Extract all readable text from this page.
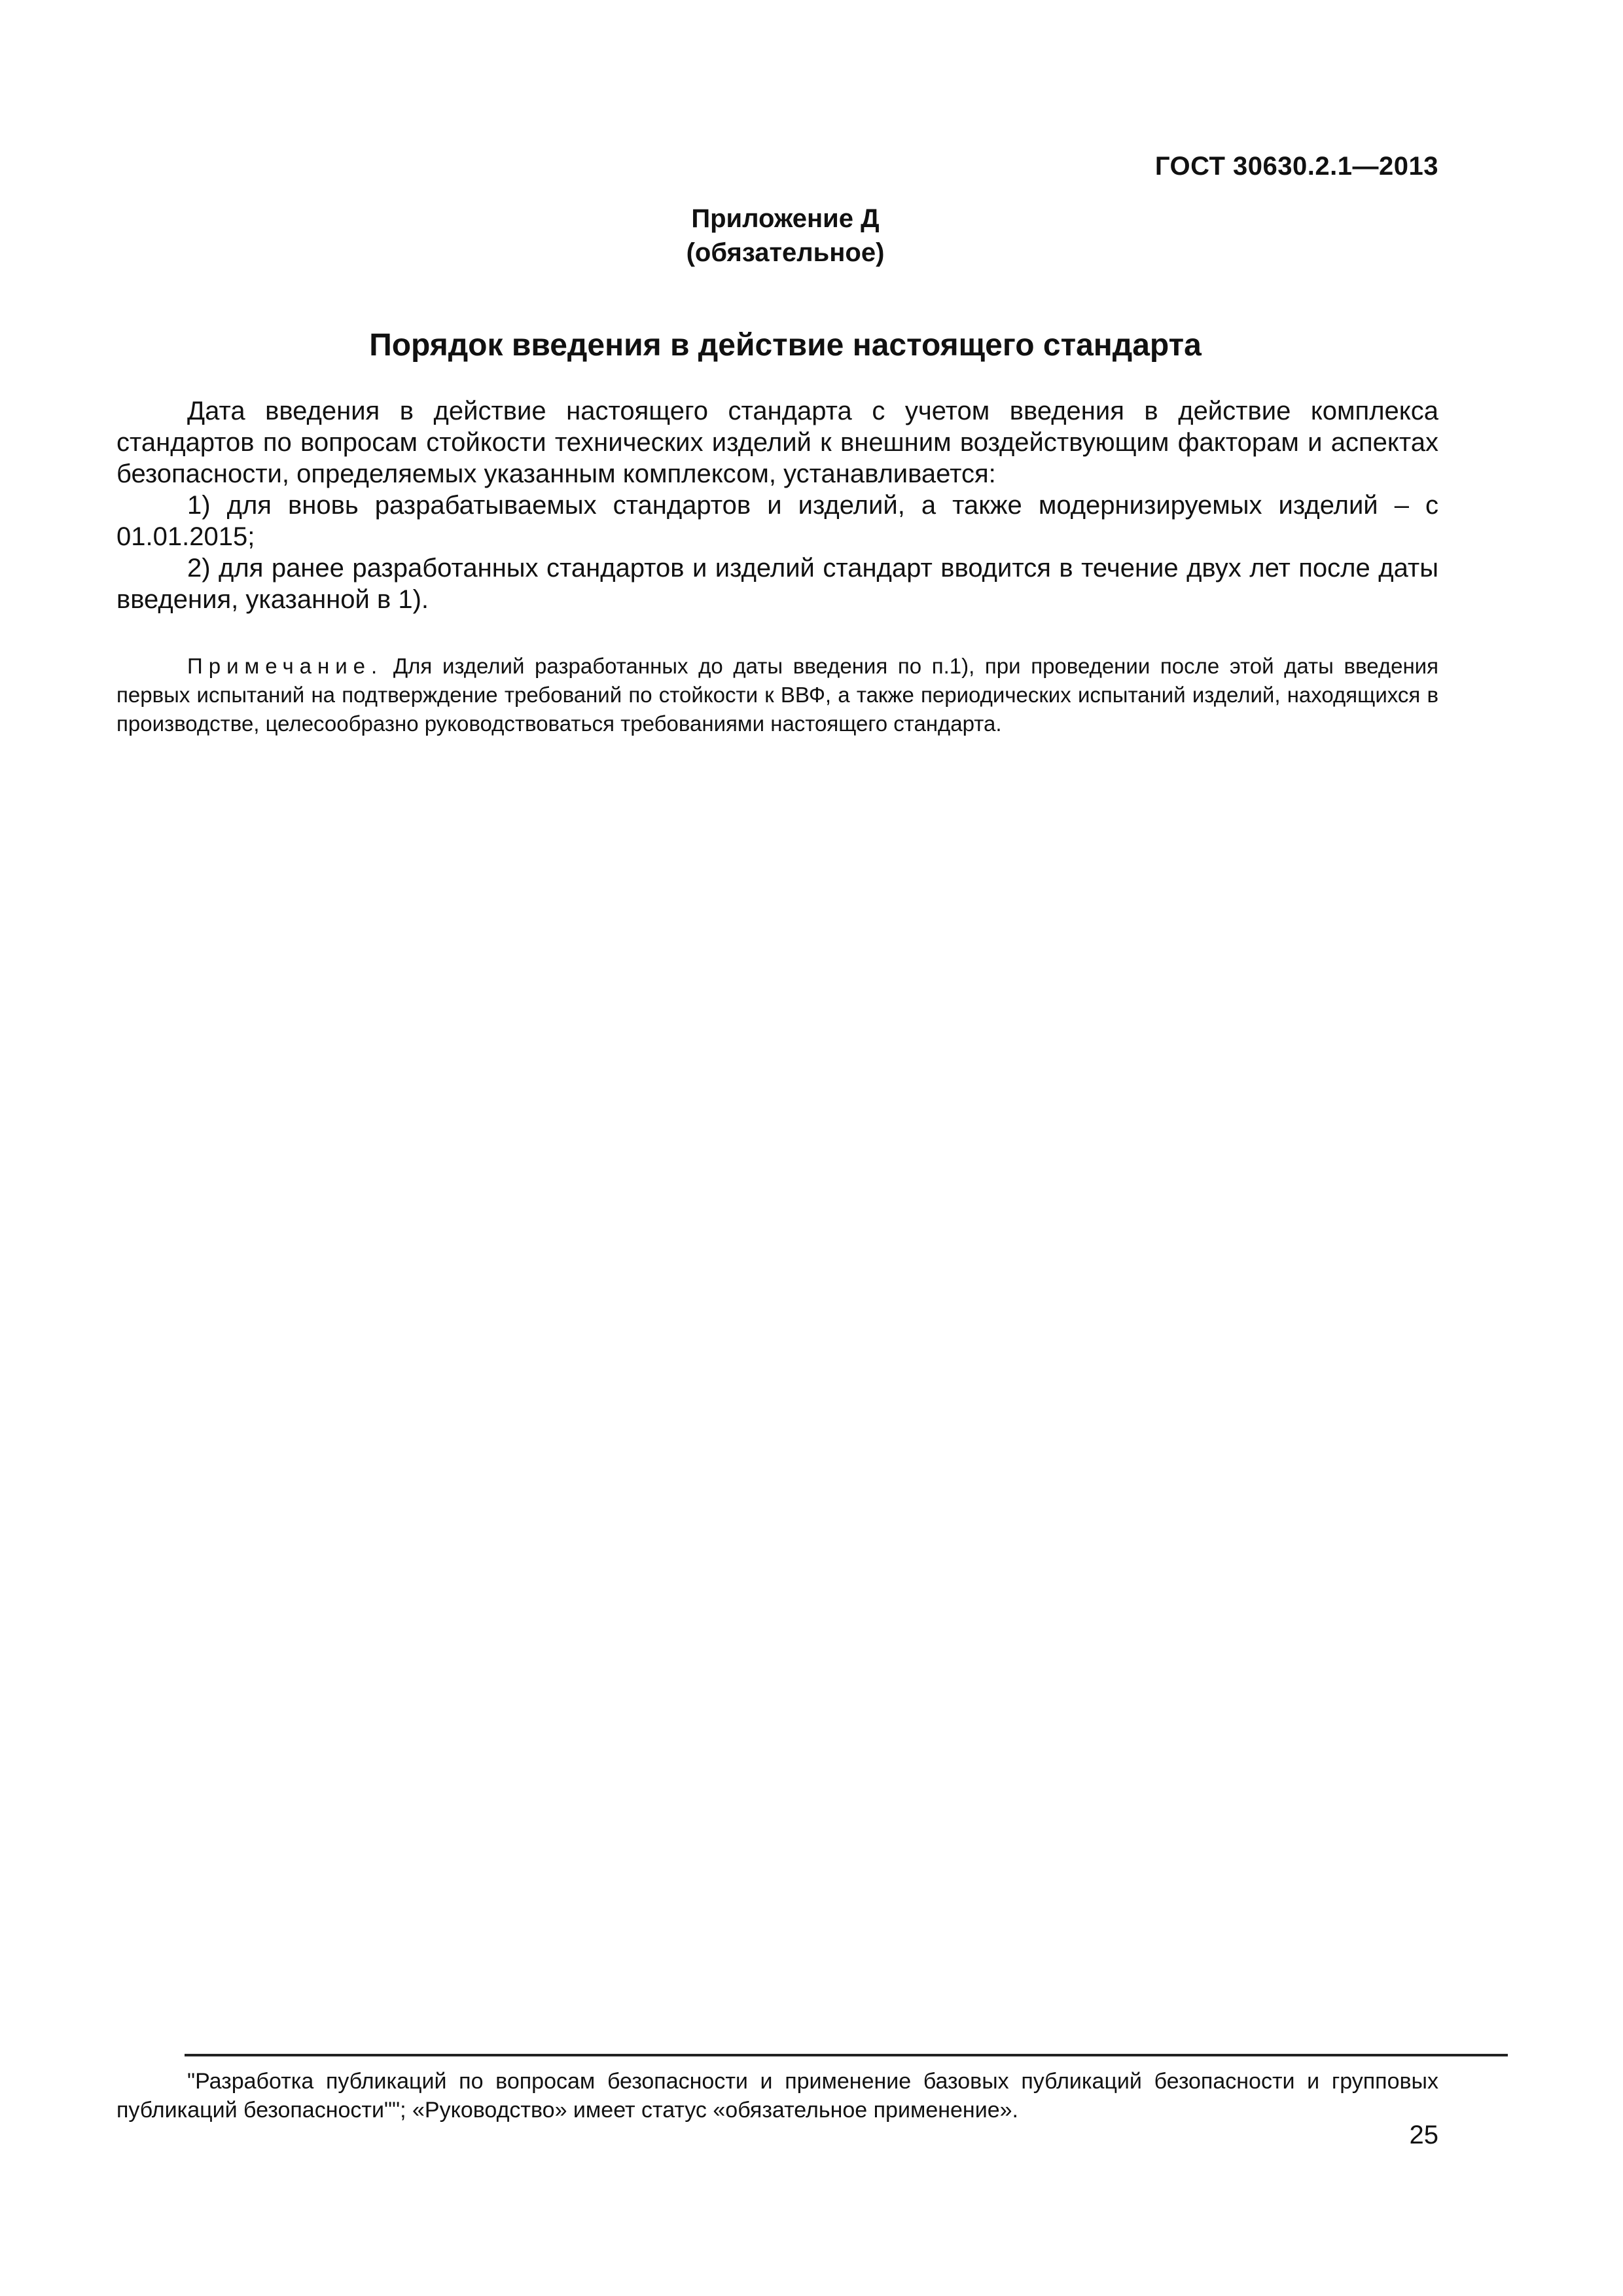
ГОСТ 30630.2.1—2013
Приложение Д
(обязательное)
Порядок введения в действие настоящего стандарта

Дата введения в действие настоящего стандарта с учетом введения в действие комплекса стандартов по вопросам стойкости технических изделий к внешним воздействующим факторам и аспектах безопасности, определяемых указанным комплексом, устанавливается:

1) для вновь разрабатываемых стандартов и изделий, а также модернизируемых изделий – с 01.01.2015;

2) для ранее разработанных стандартов и изделий стандарт вводится в течение двух лет после даты введения, указанной в 1).

Примечание. Для изделий разработанных до даты введения по п.1), при проведении после этой даты введения первых испытаний на подтверждение требований по стойкости к ВВФ, а также периодических испытаний изделий, находящихся в производстве, целесообразно руководствоваться требованиями настоящего стандарта.

"Разработка публикаций по вопросам безопасности и применение базовых публикаций безопасности и групповых публикаций безопасности""; «Руководство» имеет статус «обязательное применение».

25
